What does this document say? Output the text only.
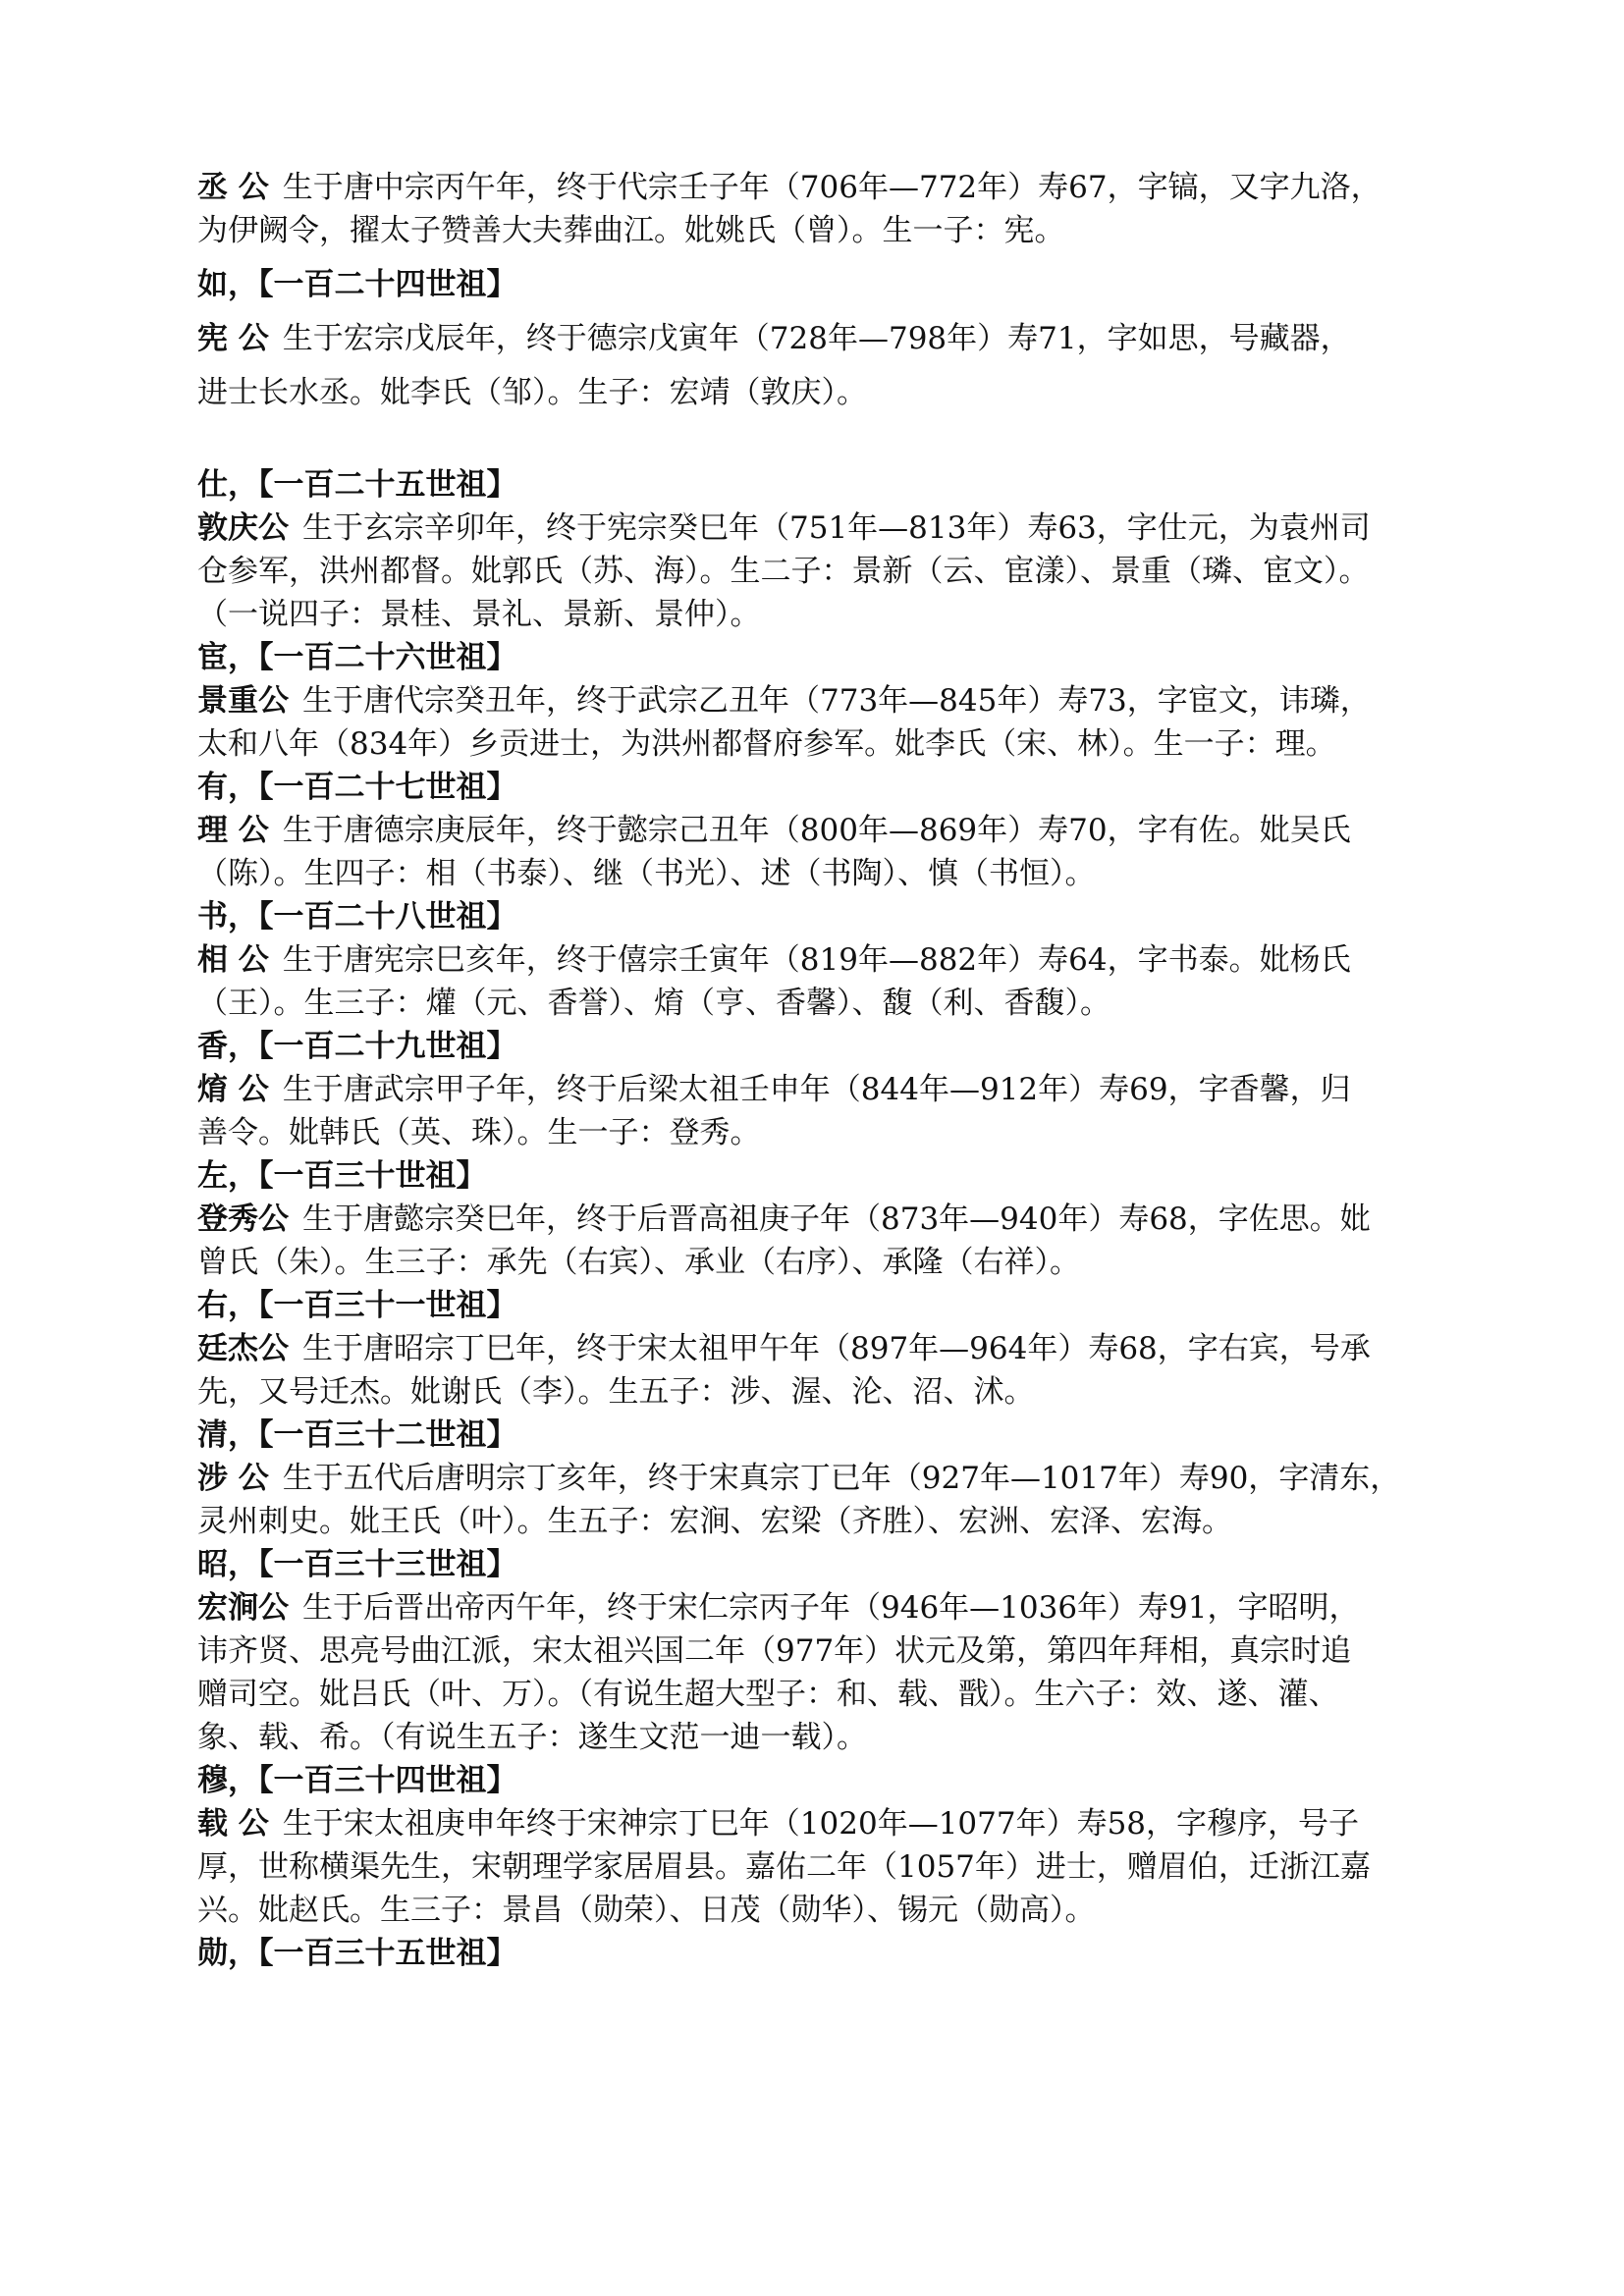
丞 公 生于唐中宗丙午年，终于代宗壬子年（706年—772年）寿67，字镐，又字九洛，
为伊阙令，擢太子赞善大夫葬曲江。妣姚氏（曾）。生一子：宪。
如，【一百二十四世祖】
宪 公 生于宏宗戊辰年，终于德宗戊寅年（728年—798年）寿71，字如思，号藏器，
进士长水丞。妣李氏（邹）。生子：宏靖（敦庆）。
仕，【一百二十五世祖】
敦庆公 生于玄宗辛卯年，终于宪宗癸巳年（751年—813年）寿63，字仕元，为袁州司
仓参军，洪州都督。妣郭氏（苏、海）。生二子：景新（云、宦漾）、景重（璘、宦文）。
（一说四子：景桂、景礼、景新、景仲）。
宦，【一百二十六世祖】
景重公 生于唐代宗癸丑年，终于武宗乙丑年（773年—845年）寿73，字宦文，讳璘，
太和八年（834年）乡贡进士，为洪州都督府参军。妣李氏（宋、林）。生一子：理。
有，【一百二十七世祖】
理 公 生于唐德宗庚辰年，终于懿宗己丑年（800年—869年）寿70，字有佐。妣吴氏
（陈）。生四子：相（书泰）、继（书光）、述（书陶）、慎（书恒）。
书，【一百二十八世祖】
相 公 生于唐宪宗巳亥年，终于僖宗壬寅年（819年—882年）寿64，字书泰。妣杨氏
（王）。生三子：爟（元、香誉）、焴（亨、香馨）、馥（利、香馥）。
香，【一百二十九世祖】
焴 公 生于唐武宗甲子年，终于后梁太祖壬申年（844年—912年）寿69，字香馨，归
善令。妣韩氏（英、珠）。生一子：登秀。
左，【一百三十世祖】
登秀公 生于唐懿宗癸巳年，终于后晋高祖庚子年（873年—940年）寿68，字佐思。妣
曾氏（朱）。生三子：承先（右宾）、承业（右序）、承隆（右祥）。
右，【一百三十一世祖】
廷杰公 生于唐昭宗丁巳年，终于宋太祖甲午年（897年—964年）寿68，字右宾，号承
先，又号迁杰。妣谢氏（李）。生五子：涉、渥、沦、沼、沭。
清，【一百三十二世祖】
涉 公 生于五代后唐明宗丁亥年，终于宋真宗丁已年（927年—1017年）寿90，字清东，
灵州刺史。妣王氏（叶）。生五子：宏涧、宏梁（齐胜）、宏洲、宏泽、宏海。
昭，【一百三十三世祖】
宏涧公 生于后晋出帝丙午年，终于宋仁宗丙子年（946年—1036年）寿91，字昭明，
讳齐贤、思亮号曲江派，宋太祖兴国二年（977年）状元及第，第四年拜相，真宗时追
赠司空。妣吕氏（叶、万）。（有说生超大型子：和、载、戬）。生六子：效、遂、灌、
象、载、希。（有说生五子：遂生文范一迪一载）。
穆，【一百三十四世祖】
载 公 生于宋太祖庚申年终于宋神宗丁巳年（1020年—1077年）寿58，字穆序，号子
厚，世称横渠先生，宋朝理学家居眉县。嘉佑二年（1057年）进士，赠眉伯，迁浙江嘉
兴。妣赵氏。生三子：景昌（勋荣）、日茂（勋华）、锡元（勋高）。
勋，【一百三十五世祖】
